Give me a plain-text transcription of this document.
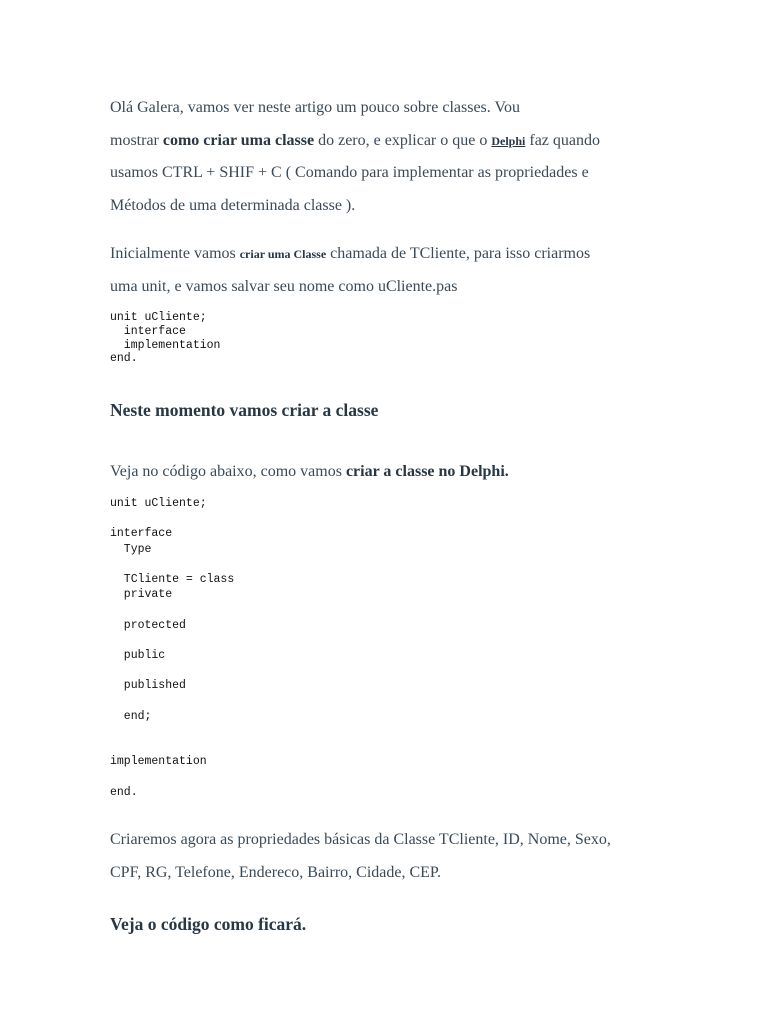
Olá Galera, vamos ver neste artigo um pouco sobre classes. Vou
mostrar como criar uma classe do zero, e explicar o que o Delphi faz quando
usamos CTRL + SHIF + C ( Comando para implementar as propriedades e
Métodos de uma determinada classe ).

Inicialmente vamos criar uma Classe chamada de TCliente, para isso criarmos
uma unit, e vamos salvar seu nome como uCliente.pas

unit uCliente;
interface
implementation
end.
Neste momento vamos criar a classe

Veja no código abaixo, como vamos criar a classe no Delphi.

unit uCliente;

interface
Type

TCliente = class
private

protected

public

published

end;

implementation

end.

Criaremos agora as propriedades básicas da Classe TCliente, ID, Nome, Sexo,
CPF, RG, Telefone, Endereco, Bairro, Cidade, CEP.

Veja o código como ficará.
